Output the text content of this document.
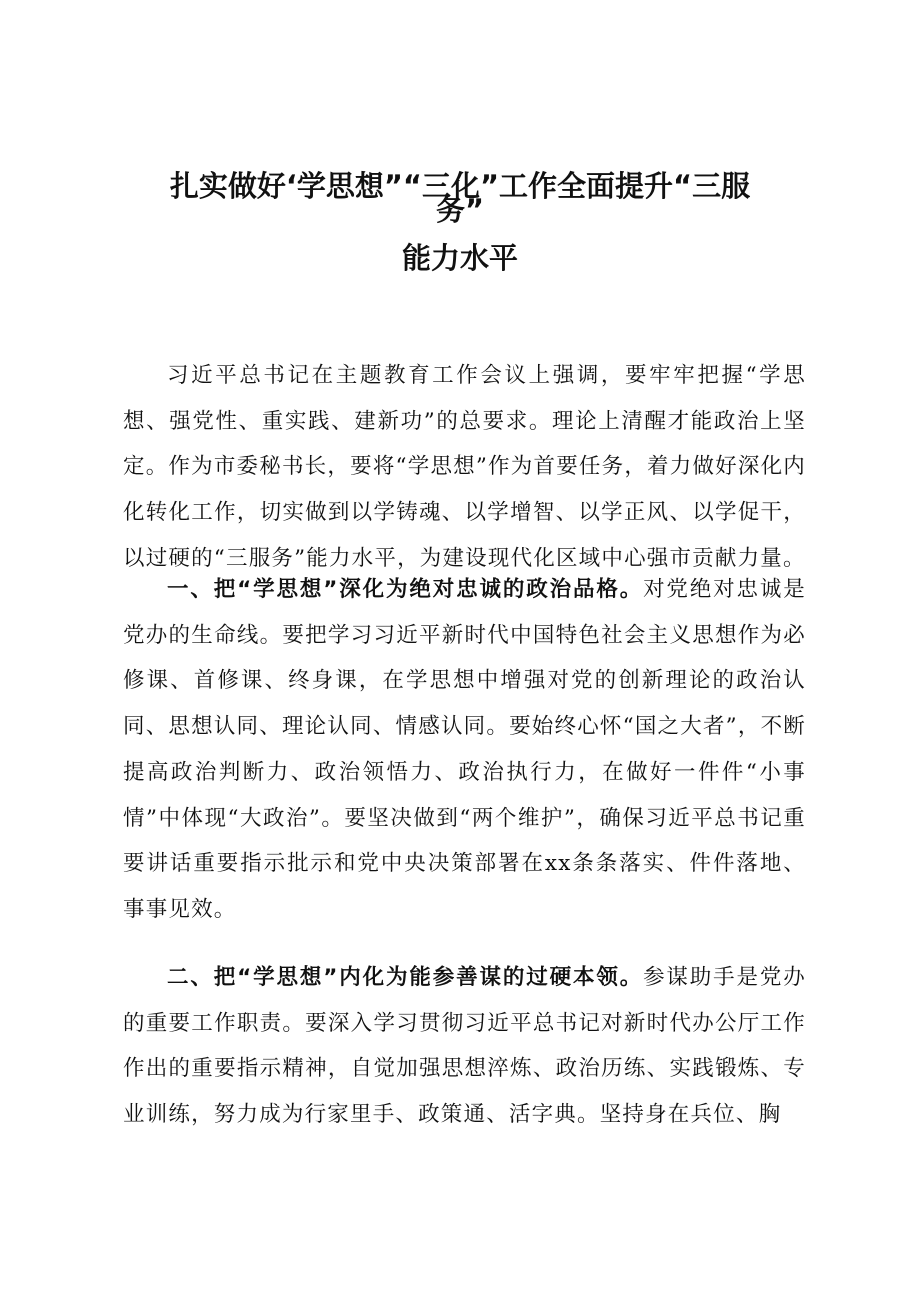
扎实做好‘学思想”“三化”工作全面提升“三服
务”
能力水平

习近平总书记在主题教育工作会议上强调，要牢牢把握“学思想、强党性、重实践、建新功”的总要求。理论上清醒才能政治上坚定。作为市委秘书长，要将“学思想”作为首要任务，着力做好深化内化转化工作，切实做到以学铸魂、以学增智、以学正风、以学促干，以过硬的“三服务”能力水平，为建设现代化区域中心强市贡献力量。

一、把“学思想”深化为绝对忠诚的政治品格。对党绝对忠诚是党办的生命线。要把学习习近平新时代中国特色社会主义思想作为必修课、首修课、终身课，在学思想中增强对党的创新理论的政治认同、思想认同、理论认同、情感认同。要始终心怀“国之大者”，不断提高政治判断力、政治领悟力、政治执行力，在做好一件件“小事情”中体现“大政治”。要坚决做到“两个维护”，确保习近平总书记重要讲话重要指示批示和党中央决策部署在xx条条落实、件件落地、事事见效。

二、把“学思想”内化为能参善谋的过硬本领。参谋助手是党办的重要工作职责。要深入学习贯彻习近平总书记对新时代办公厅工作作出的重要指示精神，自觉加强思想淬炼、政治历练、实践锻炼、专业训练，努力成为行家里手、政策通、活字典。坚持身在兵位、胸
